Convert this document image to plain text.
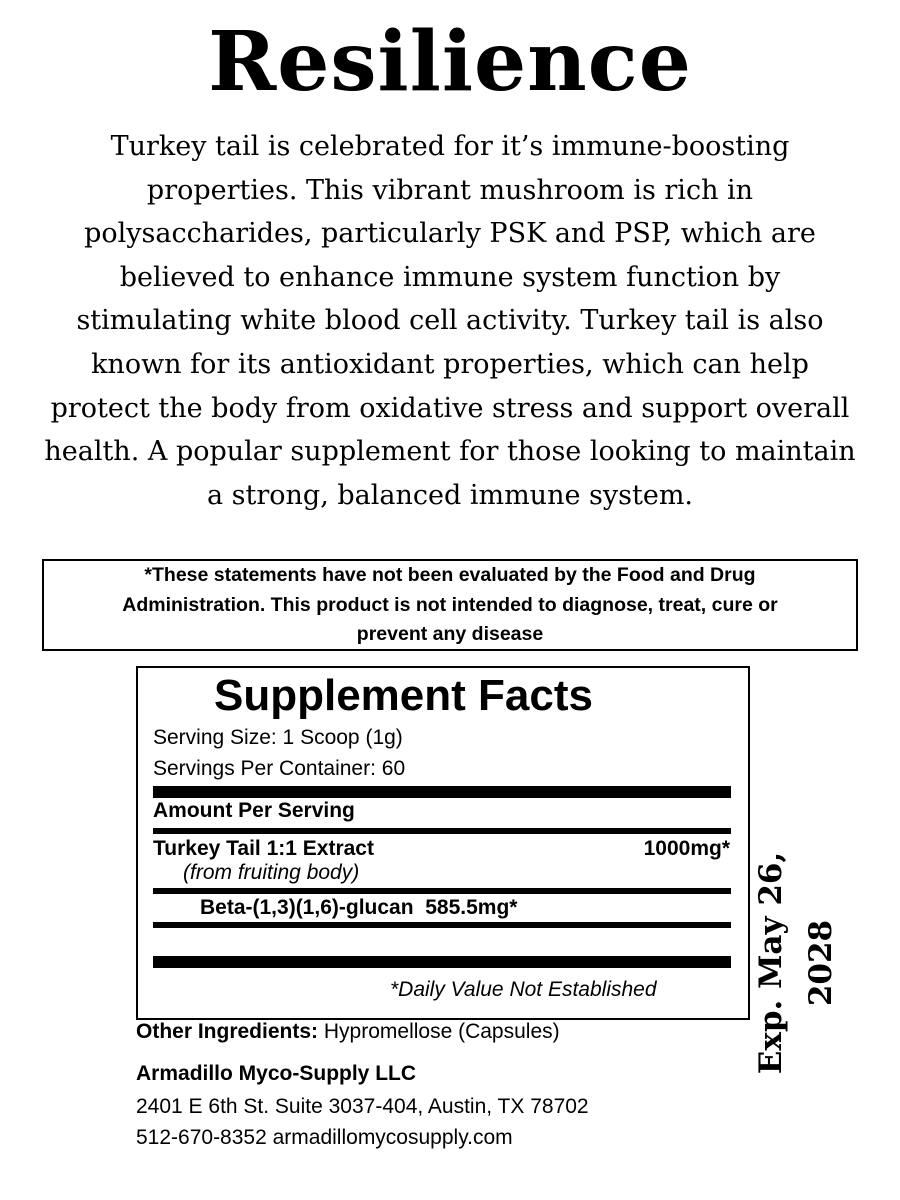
Resilience
Turkey tail is celebrated for it’s immune-boosting
properties. This vibrant mushroom is rich in
polysaccharides, particularly PSK and PSP, which are
believed to enhance immune system function by
stimulating white blood cell activity. Turkey tail is also
known for its antioxidant properties, which can help
protect the body from oxidative stress and support overall
health. A popular supplement for those looking to maintain
a strong, balanced immune system.
*These statements have not been evaluated by the Food and Drug
Administration. This product is not intended to diagnose, treat, cure or
prevent any disease
Supplement Facts
Serving Size: 1 Scoop (1g)
Servings Per Container: 60
Amount Per Serving
Turkey Tail 1:1 Extract	1000mg*
(from fruiting body)
Beta-(1,3)(1,6)-glucan 585.5mg*
*Daily Value Not Established
Other Ingredients: Hypromellose (Capsules)
Armadillo Myco-Supply LLC
2401 E 6th St. Suite 3037-404, Austin, TX 78702
512-670-8352 armadillomycosupply.com
Exp. May 26, 2028
